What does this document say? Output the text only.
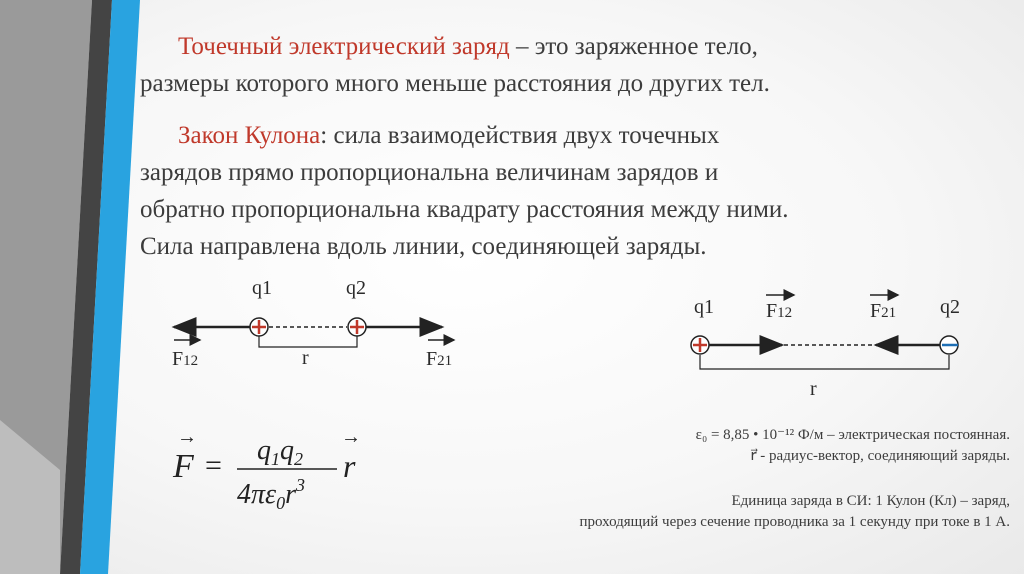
Точечный электрический заряд – это заряженное тело,
размеры которого много меньше расстояния до других тел.
Закон Кулона: сила взаимодействия двух точечных
зарядов прямо пропорциональна величинам зарядов и
обратно пропорциональна квадрату расстояния между ними.
Сила направлена вдоль линии, соединяющей заряды.
q1	q2
r
F12	F21
q1	F12	F21 q2
r
→
$F = q_1q_2$
$4\pi\varepsilon_0r^3$
→
r
ε₀ = 8,85 • 10⁻¹² Ф/м – электрическая постоянная.
r⃗ - радиус-вектор, соединяющий заряды.
Единица заряда в СИ: 1 Кулон (Кл) – заряд,
проходящий через сечение проводника за 1 секунду при токе в 1 А.
